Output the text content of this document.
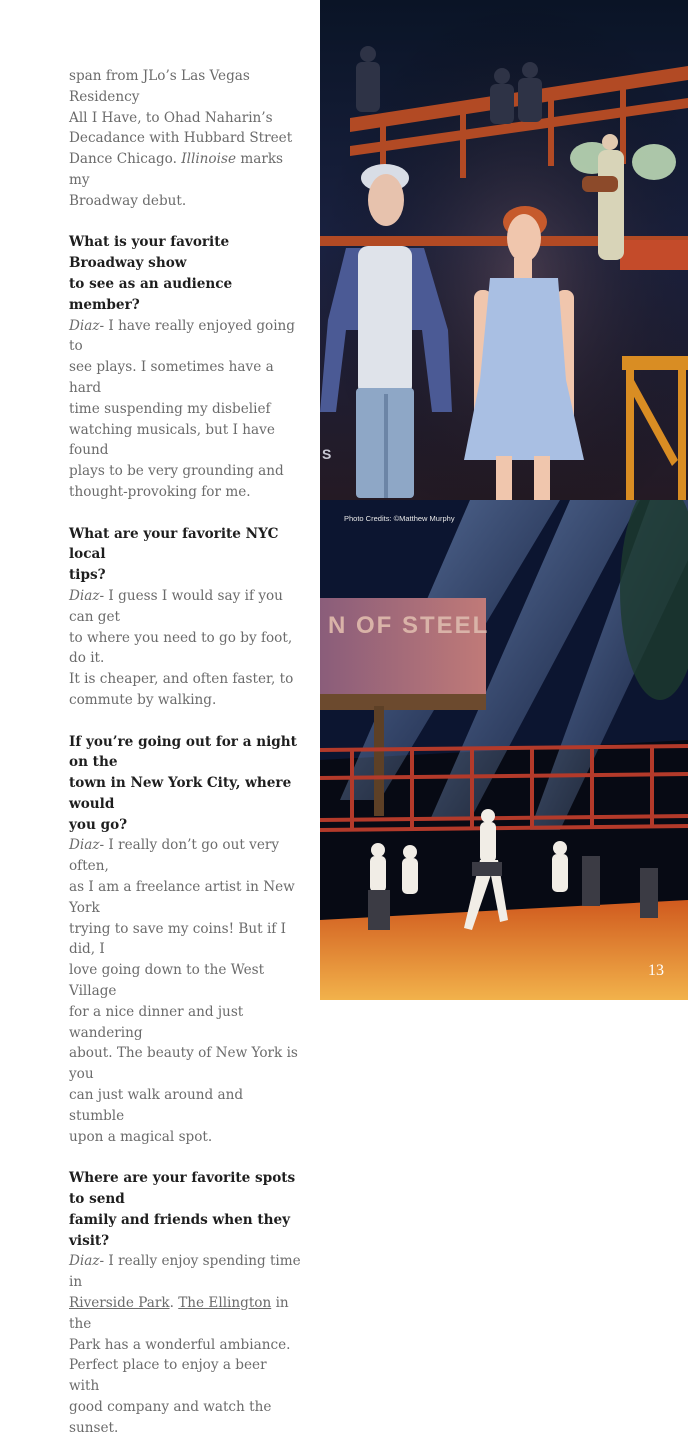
span from JLo’s Las Vegas Residency

All I Have, to Ohad Naharin’s

Decadance with Hubbard Street

Dance Chicago. Illinoise marks my

Broadway debut.

What is your favorite Broadway show

to see as an audience member?

Diaz- I have really enjoyed going to

see plays. I sometimes have a hard

time suspending my disbelief

watching musicals, but I have found

plays to be very grounding and

thought-provoking for me.

What are your favorite NYC local

tips?

Diaz- I guess I would say if you can get

to where you need to go by foot, do it.

It is cheaper, and often faster, to

commute by walking.

If you’re going out for a night on the

town in New York City, where would

you go?

Diaz- I really don’t go out very often,

as I am a freelance artist in New York

trying to save my coins! But if I did, I

love going down to the West Village

for a nice dinner and just wandering

about. The beauty of New York is you

can just walk around and stumble

upon a magical spot.

Where are your favorite spots to send

family and friends when they visit?

Diaz- I really enjoy spending time in

Riverside Park. The Ellington in the

Park has a wonderful ambiance.

Perfect place to enjoy a beer with

good company and watch the sunset.

S
Photo Credits: ©Matthew Murphy
N OF STEEL
13
